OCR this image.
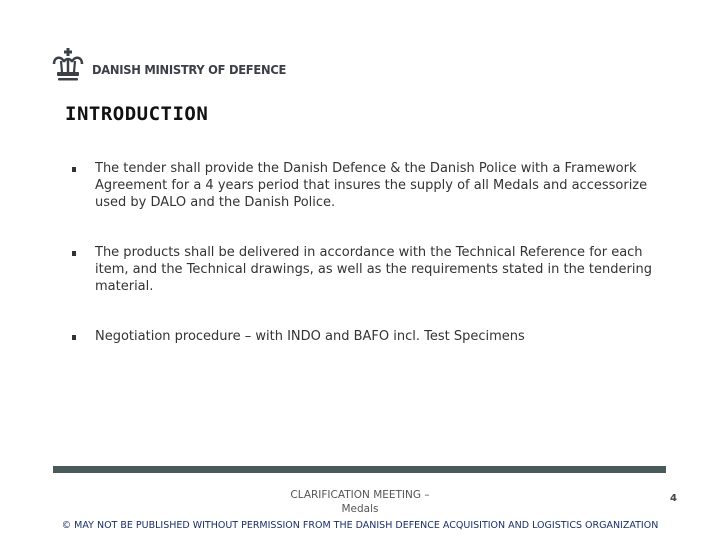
DANISH MINISTRY OF DEFENCE
INTRODUCTION
The tender shall provide the Danish Defence & the Danish Police with a Framework Agreement for a 4 years period that insures the supply of all Medals and accessorize used by DALO and the Danish Police.
The products shall be delivered in accordance with the Technical Reference for each item, and the Technical drawings, as well as the requirements stated in the tendering material.
Negotiation procedure – with INDO and BAFO incl. Test Specimens
CLARIFICATION MEETING –
Medals
4
© MAY NOT BE PUBLISHED WITHOUT PERMISSION FROM THE DANISH DEFENCE ACQUISITION AND LOGISTICS ORGANIZATION
